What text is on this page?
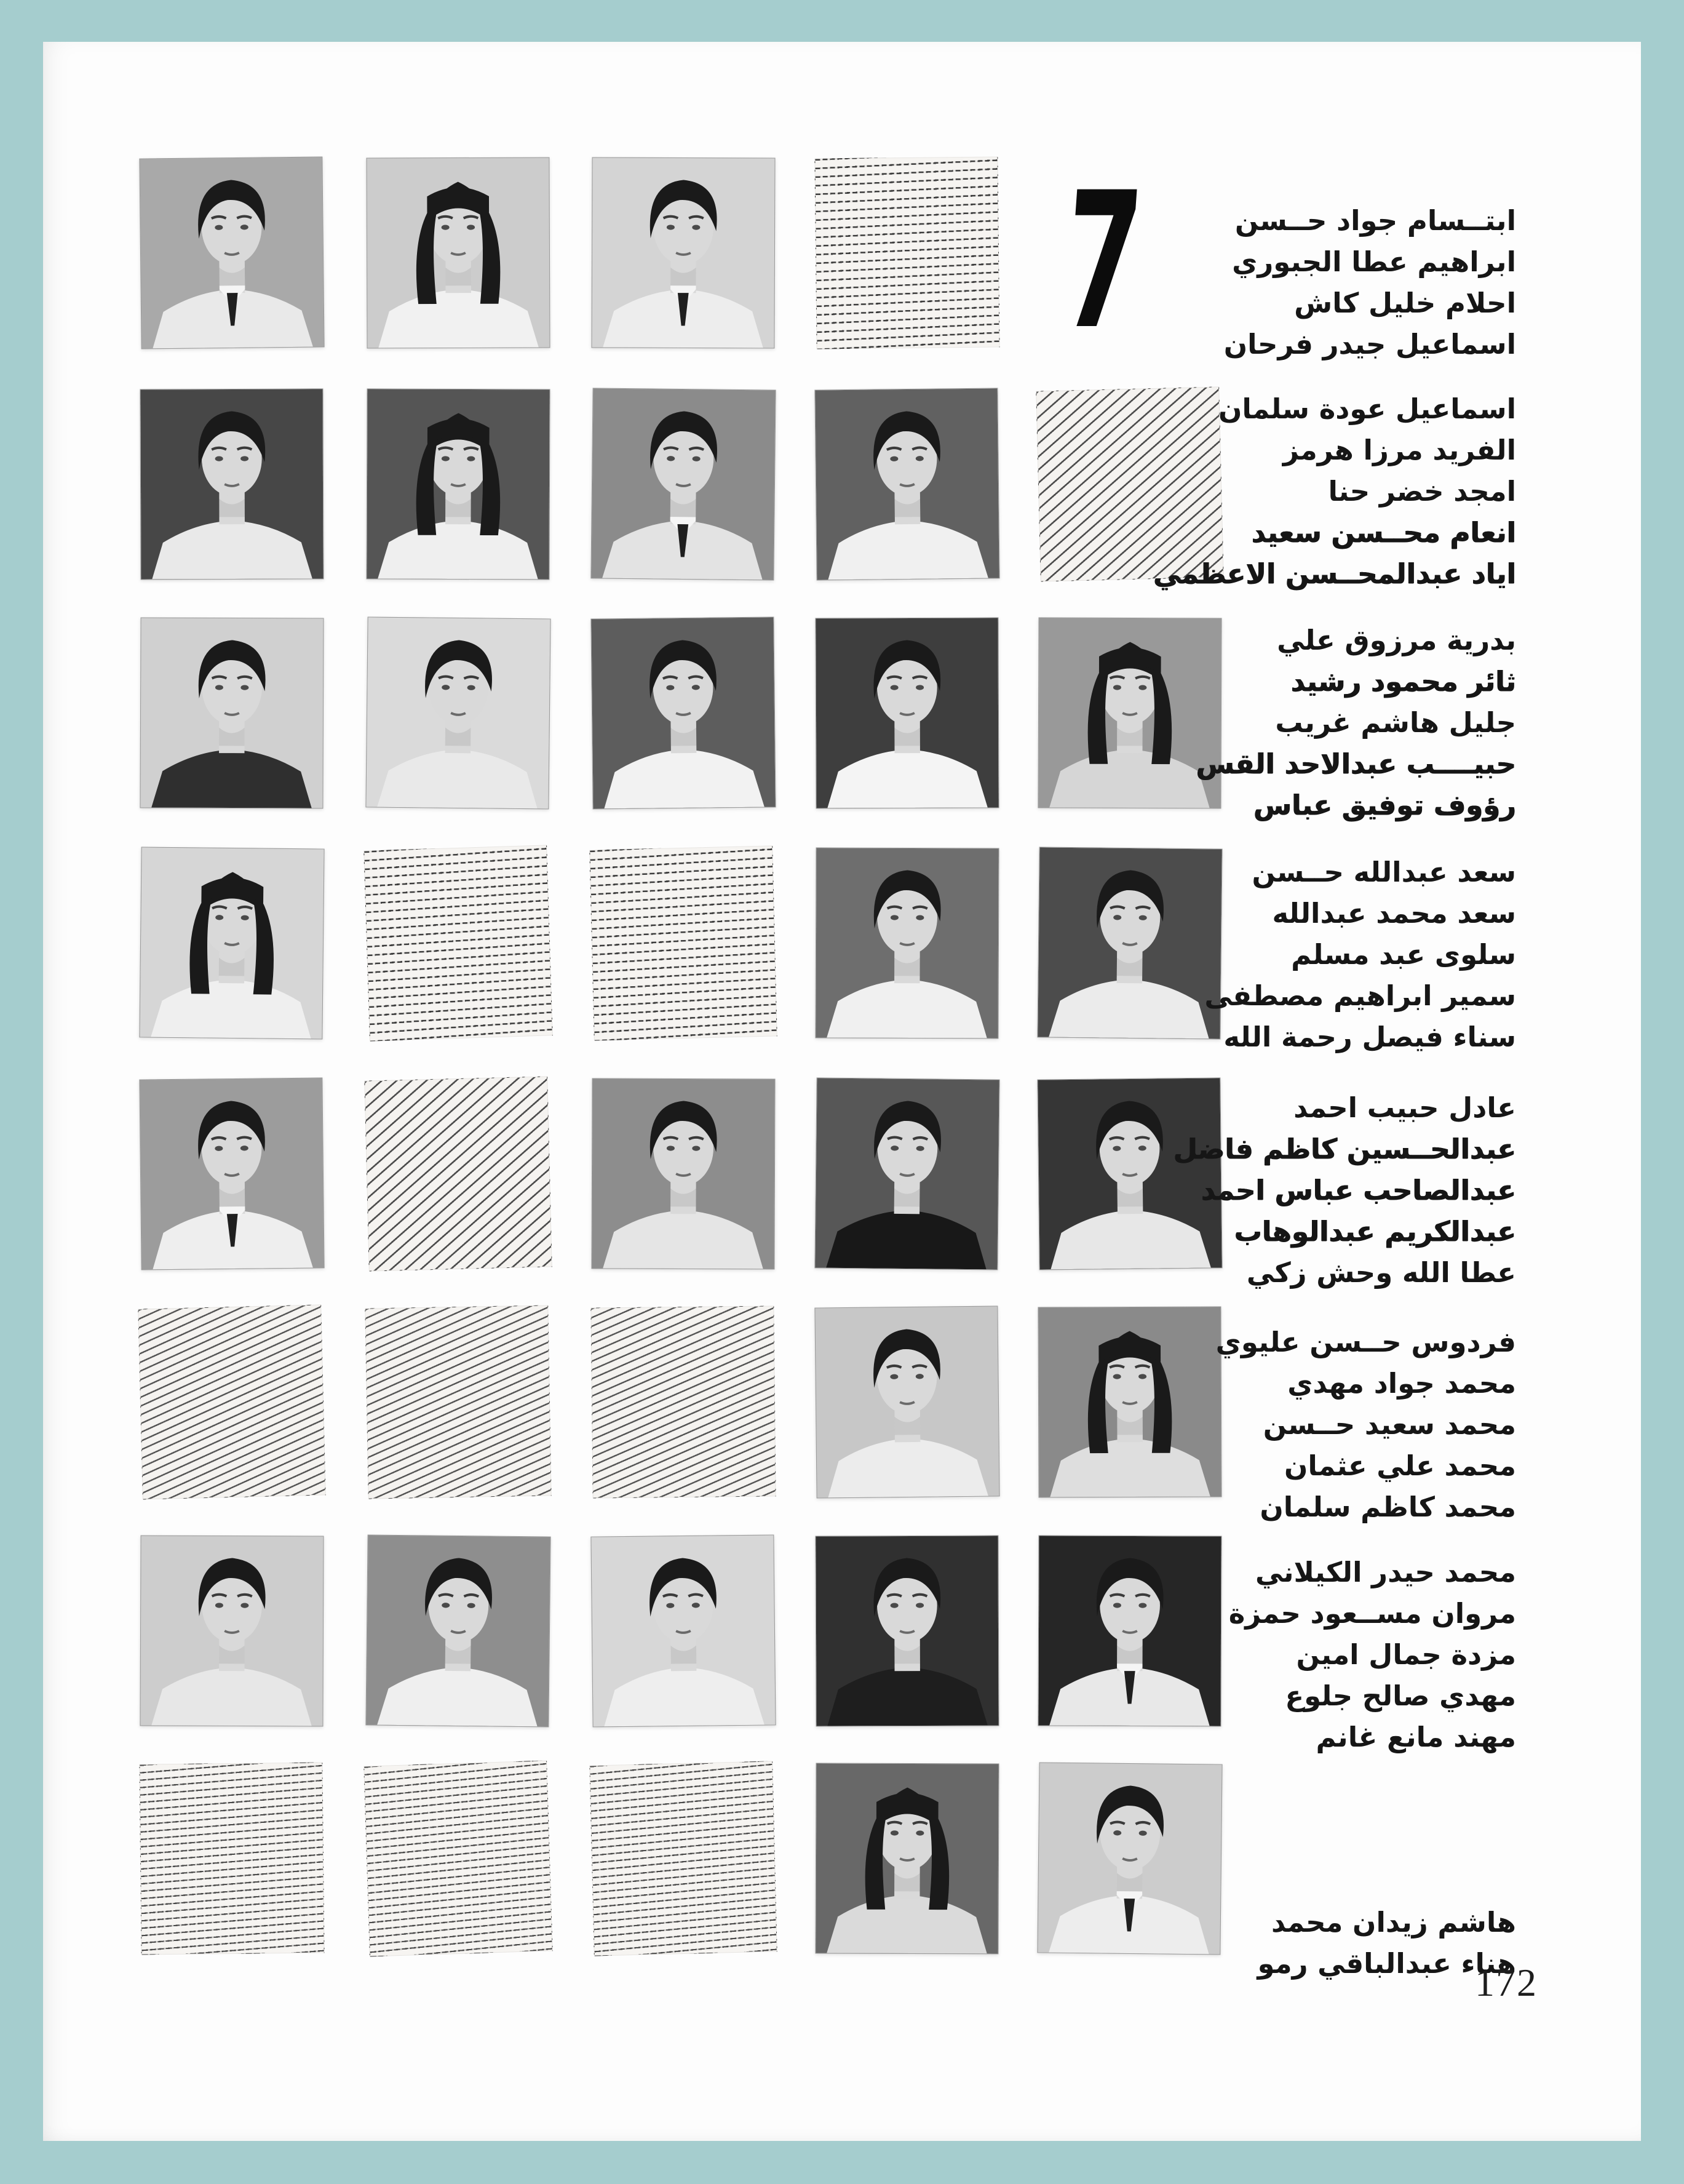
ابتــسام جواد حــسن
ابراهيم عطا الجبوري
احلام خليل كاش
اسماعيل جيدر فرحان
اسماعيل عودة سلمان
الفريد مرزا هرمز
امجد خضر حنا
انعام محــسن سعيد
اياد عبدالمحــسن الاعظمي
بدرية مرزوق علي
ثائر محمود رشيد
جليل هاشم غريب
حبيــــب عبدالاحد القس
رؤوف توفيق عباس
سعد عبدالله حــسن
سعد محمد عبدالله
سلوى عبد مسلم
سمير ابراهيم مصطفى
سناء فيصل رحمة الله
عادل حبيب احمد
عبدالحــسين كاظم فاضل
عبدالصاحب عباس احمد
عبدالكريم عبدالوهاب
عطا الله وحش زكي
فردوس حــسن عليوي
محمد جواد مهدي
محمد سعيد حــسن
محمد علي عثمان
محمد كاظم سلمان
محمد حيدر الكيلاني
مروان مســعود حمزة
مزدة جمال امين
مهدي صالح جلوع
مهند مانع غانم
هاشم زيدان محمد
هناء عبدالباقي رمو
7
172
